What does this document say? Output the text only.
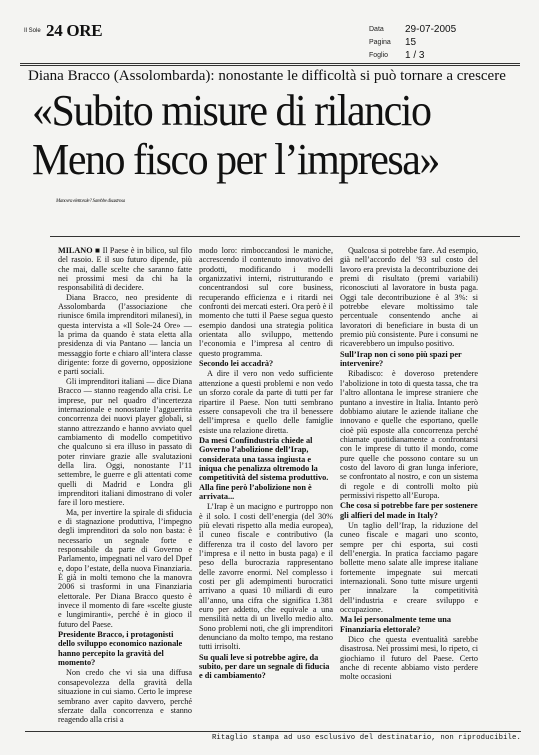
Il Sole 24 ORE	Data 29-07-2005
Pagina 15
Foglio 1 / 3
Diana Bracco (Assolombarda): nonostante le difficoltà si può tornare a crescere
«Subito misure di rilancio
Meno fisco per l’impresa»
Manovra elettorale? Sarebbe disastrosa

MILANO ■ Il Paese è in bilico, sul filo del rasoio. E il suo futuro dipende, più che mai, dalle scelte che saranno fatte nei prossimi mesi da chi ha la responsabilità di decidere.

Diana Bracco, neo presidente di Assolombarda (l’associazione che riunisce 6mila imprenditori milanesi), in questa intervista a «Il Sole-24 Ore» — la prima da quando è stata eletta alla presidenza di via Pantano — lancia un messaggio forte e chiaro all’intera classe dirigente: forze di governo, opposizione e parti sociali.

Gli imprenditori italiani — dice Diana Bracco — stanno reagendo alla crisi. Le imprese, pur nel quadro d’incertezza internazionale e nonostante l’agguerrita concorrenza dei nuovi player globali, si stanno attrezzando e hanno avviato quel cambiamento di modello competitivo che qualcuno si era illuso in passato di poter rinviare grazie alle svalutazioni della lira. Oggi, nonostante l’11 settembre, le guerre e gli attentati come quelli di Madrid e Londra gli imprenditori italiani dimostrano di voler fare il loro mestiere.

Ma, per invertire la spirale di sfiducia e di stagnazione produttiva, l’impegno degli imprenditori da solo non basta: è necessario un segnale forte e responsabile da parte di Governo e Parlamento, impegnati nel varo del Dpef e, dopo l’estate, della nuova Finanziaria. È già in molti temono che la manovra 2006 si trasformi in una Finanziaria elettorale. Per Diana Bracco questo è invece il momento di fare «scelte giuste e lungimiranti», perché è in gioco il futuro del Paese.

Presidente Bracco, i protagonisti dello sviluppo economico nazionale hanno percepito la gravità del momento?

Non credo che vi sia una diffusa consapevolezza della gravità della situazione in cui siamo. Certo le imprese sembrano aver capito davvero, perché sferzate dalla concorrenza e stanno reagendo alla crisi a

modo loro: rimboccandosi le maniche, accrescendo il contenuto innovativo dei prodotti, modificando i modelli organizzativi interni, ristrutturando e concentrandosi sul core business, recuperando efficienza e i ritardi nei confronti dei mercati esteri. Ora però è il momento che tutti il Paese segua questo esempio dandosi una strategia politica orientata allo sviluppo, mettendo l’economia e l’impresa al centro di questo programma.

Secondo lei accadrà?

A dire il vero non vedo sufficiente attenzione a questi problemi e non vedo un sforzo corale da parte di tutti per far ripartire il Paese. Non tutti sembrano essere consapevoli che tra il benessere dell’impresa e quello delle famiglie esiste una relazione diretta.

Da mesi Confindustria chiede al Governo l’abolizione dell’Irap, considerata una tassa ingiusta e iniqua che penalizza oltremodo la competitività del sistema produttivo. Alla fine però l’abolizione non è arrivata...

L’Irap è un macigno e purtroppo non è il solo. I costi dell’energia (del 30% più elevati rispetto alla media europea), il cuneo fiscale e contributivo (la differenza tra il costo del lavoro per l’impresa e il netto in busta paga) e il peso della burocrazia rappresentano delle zavorre enormi. Nel complesso i costi per gli adempimenti burocratici arrivano a quasi 10 miliardi di euro all’anno, una cifra che significa 1.381 euro per addetto, che equivale a una mensilità netta di un livello medio alto. Sono problemi noti, che gli imprenditori denunciano da molto tempo, ma restano tutti irrisolti.

Su quali leve si potrebbe agire, da subito, per dare un segnale di fiducia e di cambiamento?

Qualcosa si potrebbe fare. Ad esempio, già nell’accordo del ’93 sul costo del lavoro era prevista la decontribuzione dei premi di risultato (premi variabili) riconosciuti al lavoratore in busta paga. Oggi tale decontribuzione è al 3%: si potrebbe elevare moltissimo tale percentuale consentendo anche ai lavoratori di beneficiare in busta di un premio più consistente. Pure i consumi ne ricaverebbero un impulso positivo.

Sull’Irap non ci sono più spazi per intervenire?

Ribadisco: è doveroso pretendere l’abolizione in toto di questa tassa, che tra l’altro allontana le imprese straniere che puntano a investire in Italia. Intanto però dobbiamo aiutare le aziende italiane che innovano e quelle che esportano, quelle cioè più esposte alla concorrenza perché chiamate quotidianamente a confrontarsi con le imprese di tutto il mondo, come pure quelle che possono contare su un costo del lavoro di gran lunga inferiore, se confrontato al nostro, e con un sistema di regole e di controlli molto più permissivi rispetto all’Europa.

Che cosa si potrebbe fare per sostenere gli alfieri del made in Italy?

Un taglio dell’Irap, la riduzione del cuneo fiscale e magari uno sconto, sempre per chi esporta, sui costi dell’energia. In pratica facciamo pagare bollette meno salate alle imprese italiane fortemente impegnate sui mercati internazionali. Sono tutte misure urgenti per innalzare la competitività dell’industria e creare sviluppo e occupazione.

Ma lei personalmente teme una Finanziaria elettorale?

Dico che questa eventualità sarebbe disastrosa. Nei prossimi mesi, lo ripeto, ci giochiamo il futuro del Paese. Certo anche di recente abbiamo visto perdere molte occasioni

Ritaglio stampa ad uso esclusivo del destinatario, non riproducibile.
